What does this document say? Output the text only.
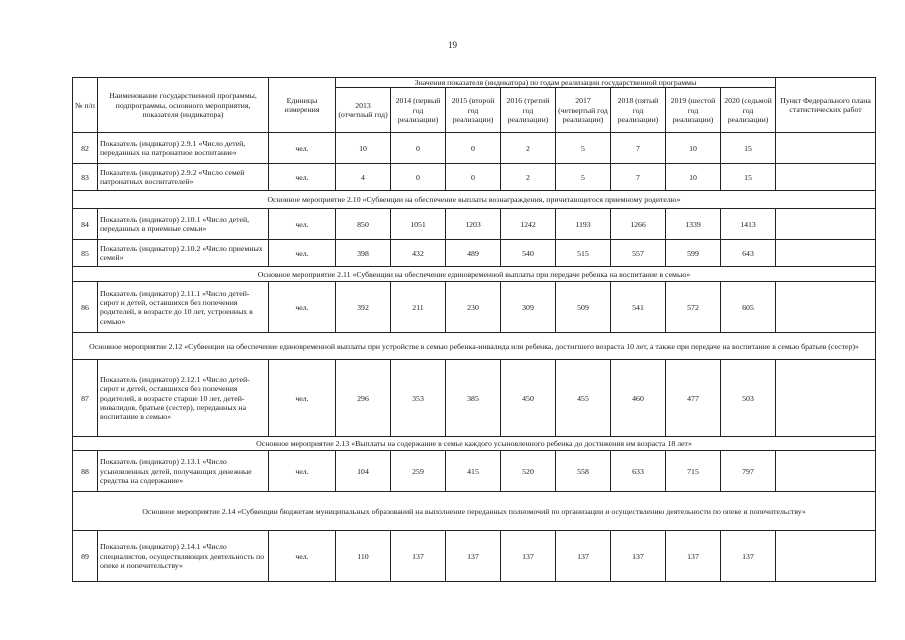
19
№ п/п	Наименование государственной программы, подпрограммы, основного мероприятия, показателя (индикатора)	Единицы измерения	Значения показателя (индикатора) по годам реализации государственной программы								Пункт Федерального плана статистических работ
			2013 (отчетный год)	2014 (первый год реализации)	2015 (второй год реализации)	2016 (третий год реализации)	2017 (четвертый год реализации)	2018 (пятый год реализации)	2019 (шестой год реализации)	2020 (седьмой год реализации)	
82	Показатель (индикатор) 2.9.1 «Число детей, переданных на патронатное воспитание»	чел.	10	0	0	2	5	7	10	15	
83	Показатель (индикатор) 2.9.2 «Число семей патронатных воспитателей»	чел.	4	0	0	2	5	7	10	15	
Основное мероприятие 2.10 «Субвенции на обеспечение выплаты вознаграждения, причитающегося приемному родителю»											
84	Показатель (индикатор) 2.10.1 «Число детей, переданных в приемные семьи»	чел.	850	1051	1203	1242	1193	1266	1339	1413	
85	Показатель (индикатор) 2.10.2 «Число приемных семей»	чел.	398	432	489	540	515	557	599	643	
Основное мероприятие 2.11 «Субвенции на обеспечение единовременной выплаты при передаче ребенка на воспитание в семью»											
86	Показатель (индикатор) 2.11.1 «Число детей-сирот и детей, оставшихся без попечения родителей, в возрасте до 10 лет, устроенных в семью»	чел.	392	211	230	309	509	541	572	605	
Основное мероприятие 2.12 «Субвенции на обеспечение единовременной выплаты при устройстве в семью ребенка-инвалида или ребенка, достигшего возраста 10 лет, а также при передаче на воспитание в семью братьев (сестер)»											
87	Показатель (индикатор) 2.12.1 «Число детей-сирот и детей, оставшихся без попечения родителей, в возрасте старше 10 лет, детей-инвалидов, братьев (сестер), переданных на воспитание в семью»	чел.	296	353	385	450	455	460	477	503	
Основное мероприятие 2.13 «Выплаты на содержание в семье каждого усыновленного ребенка до достижения им возраста 18 лет»											
88	Показатель (индикатор) 2.13.1 «Число усыновленных детей, получающих денежные средства на содержание»	чел.	104	259	415	520	558	633	715	797	
Основное мероприятие 2.14 «Субвенции бюджетам муниципальных образований на выполнение переданных полномочий по организации и осуществлению деятельности по опеке и попечительству»											
89	Показатель (индикатор) 2.14.1 «Число специалистов, осуществляющих деятельность по опеке и попечительству»	чел.	110	137	137	137	137	137	137	137	
